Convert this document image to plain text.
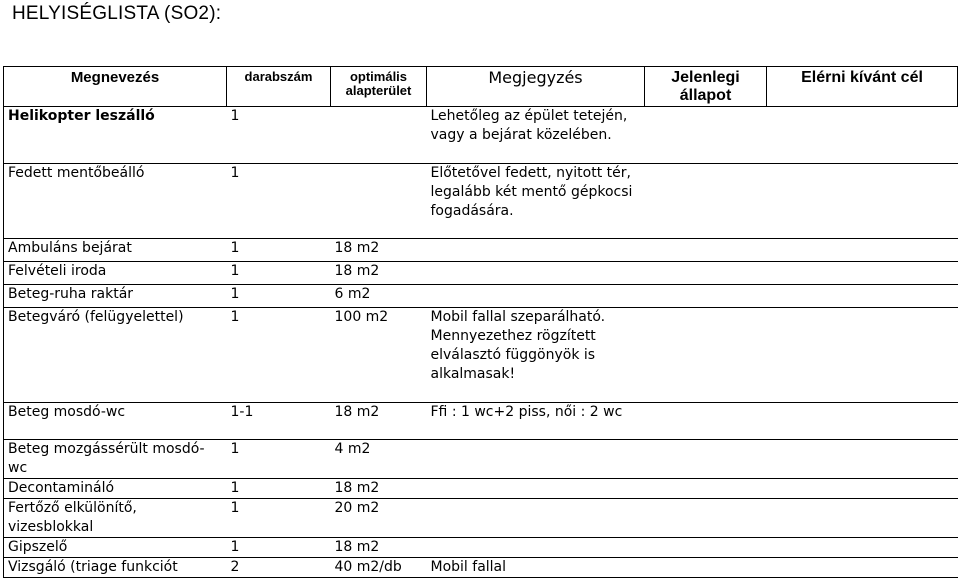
HELYISÉGLISTA (SO2):
Megnevezés	darabszám	optimális alapterület	Megjegyzés	Jelenlegi állapot	Elérni kívánt cél
Helikopter leszálló	1		Lehetőleg az épület tetején, vagy a bejárat közelében.		
Fedett mentőbeálló	1		Előtetővel fedett, nyitott tér, legalább két mentő gépkocsi fogadására.		
Ambuláns bejárat	1	18 m2			
Felvételi iroda	1	18 m2			
Beteg-ruha raktár	1	6 m2			
Betegváró (felügyelettel)	1	100 m2	Mobil fallal szeparálható. Mennyezethez rögzített elválasztó függönyök is alkalmasak!		
Beteg mosdó-wc	1-1	18 m2	Ffi : 1 wc+2 piss, női : 2 wc		
Beteg mozgássérült mosdó-wc	1	4 m2			
Decontamináló	1	18 m2			
Fertőző elkülönítő, vizesblokkal	1	20 m2			
Gipszelő	1	18 m2			
Vizsgáló (triage funkciót	2	40 m2/db	Mobil fallal		
